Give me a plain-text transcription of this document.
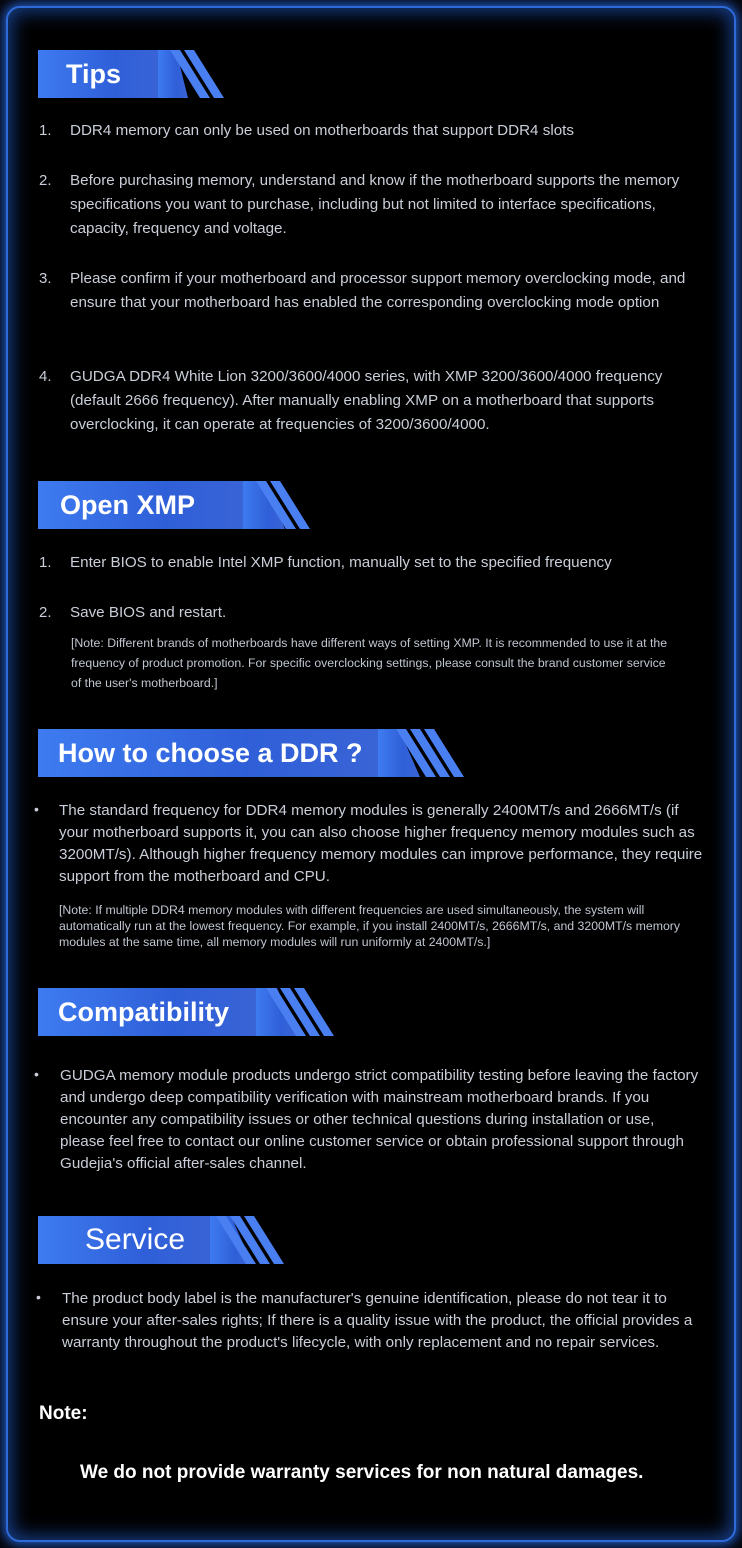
Tips
1. DDR4 memory can only be used on motherboards that support DDR4 slots
2. Before purchasing memory, understand and know if the motherboard supports the memory specifications you want to purchase, including but not limited to interface specifications, capacity, frequency and voltage.
3. Please confirm if your motherboard and processor support memory overclocking mode, and ensure that your motherboard has enabled the corresponding overclocking mode option
4. GUDGA DDR4 White Lion 3200/3600/4000 series, with XMP 3200/3600/4000 frequency (default 2666 frequency). After manually enabling XMP on a motherboard that supports overclocking, it can operate at frequencies of 3200/3600/4000.
Open XMP
1. Enter BIOS to enable Intel XMP function, manually set to the specified frequency
2. Save BIOS and restart.
[Note: Different brands of motherboards have different ways of setting XMP. It is recommended to use it at the frequency of product promotion. For specific overclocking settings, please consult the brand customer service of the user's motherboard.]
How to choose a DDR ?
• The standard frequency for DDR4 memory modules is generally 2400MT/s and 2666MT/s (if your motherboard supports it, you can also choose higher frequency memory modules such as 3200MT/s). Although higher frequency memory modules can improve performance, they require support from the motherboard and CPU.
[Note: If multiple DDR4 memory modules with different frequencies are used simultaneously, the system will automatically run at the lowest frequency. For example, if you install 2400MT/s, 2666MT/s, and 3200MT/s memory modules at the same time, all memory modules will run uniformly at 2400MT/s.]
Compatibility
• GUDGA memory module products undergo strict compatibility testing before leaving the factory and undergo deep compatibility verification with mainstream motherboard brands. If you encounter any compatibility issues or other technical questions during installation or use, please feel free to contact our online customer service or obtain professional support through Gudejia's official after-sales channel.
Service
• The product body label is the manufacturer's genuine identification, please do not tear it to ensure your after-sales rights; If there is a quality issue with the product, the official provides a warranty throughout the product's lifecycle, with only replacement and no repair services.
Note:
We do not provide warranty services for non natural damages.
